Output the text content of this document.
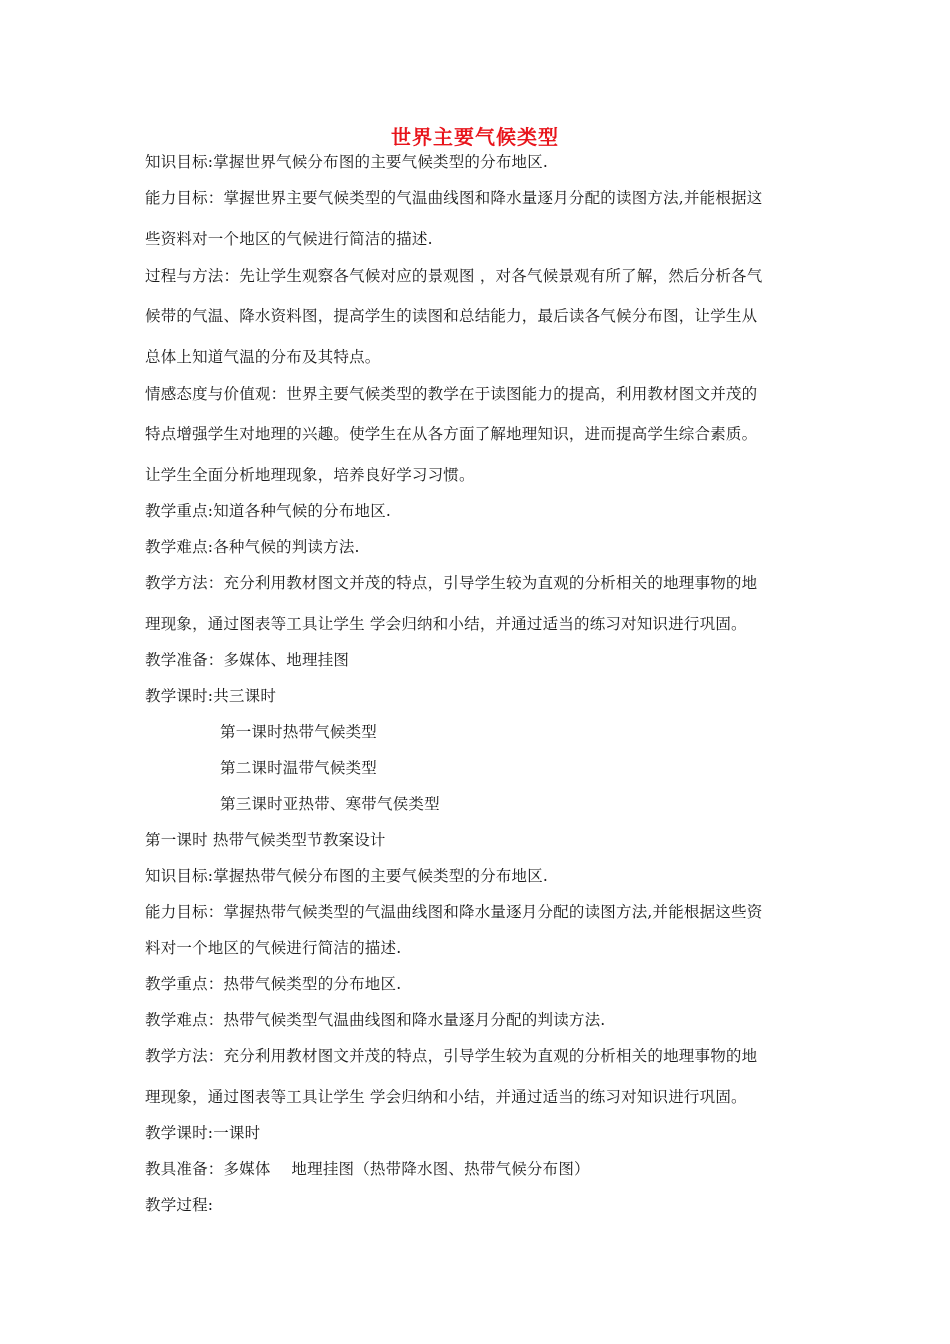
世界主要气候类型
知识目标:掌握世界气候分布图的主要气候类型的分布地区.
能力目标：掌握世界主要气候类型的气温曲线图和降水量逐月分配的读图方法,并能根据这
些资料对一个地区的气候进行简洁的描述.
过程与方法：先让学生观察各气候对应的景观图 ，对各气候景观有所了解，然后分析各气
候带的气温、降水资料图，提高学生的读图和总结能力，最后读各气候分布图，让学生从
总体上知道气温的分布及其特点。
情感态度与价值观：世界主要气候类型的教学在于读图能力的提高，利用教材图文并茂的
特点增强学生对地理的兴趣。使学生在从各方面了解地理知识，进而提高学生综合素质。
让学生全面分析地理现象，培养良好学习习惯。
教学重点:知道各种气候的分布地区.
教学难点:各种气候的判读方法.
教学方法：充分利用教材图文并茂的特点，引导学生较为直观的分析相关的地理事物的地
理现象，通过图表等工具让学生 学会归纳和小结，并通过适当的练习对知识进行巩固。
教学准备：多媒体、地理挂图
教学课时:共三课时
第一课时热带气候类型
第二课时温带气候类型
第三课时亚热带、寒带气侯类型
第一课时 热带气候类型节教案设计
知识目标:掌握热带气候分布图的主要气候类型的分布地区.
能力目标：掌握热带气候类型的气温曲线图和降水量逐月分配的读图方法,并能根据这些资
料对一个地区的气候进行简洁的描述.
教学重点：热带气候类型的分布地区.
教学难点：热带气候类型气温曲线图和降水量逐月分配的判读方法.
教学方法：充分利用教材图文并茂的特点，引导学生较为直观的分析相关的地理事物的地
理现象，通过图表等工具让学生 学会归纳和小结，并通过适当的练习对知识进行巩固。
教学课时:一课时
教具准备：多媒体　 地理挂图（热带降水图、热带气候分布图）
教学过程:
